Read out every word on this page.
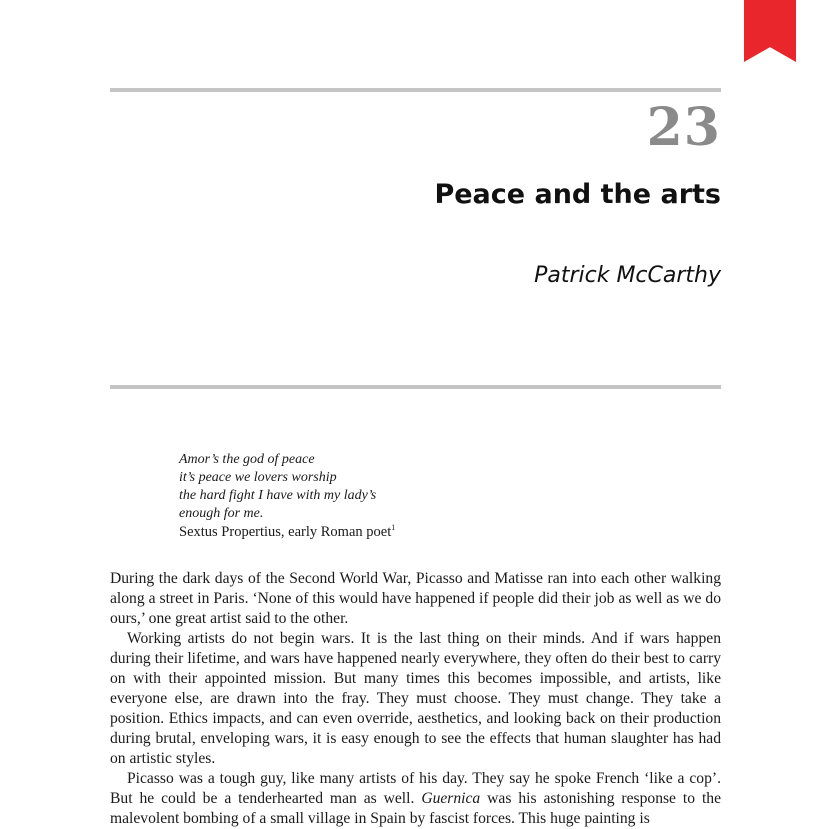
23
Peace and the arts
Patrick McCarthy
Amor’s the god of peace
it’s peace we lovers worship
the hard fight I have with my lady’s
enough for me.
Sextus Propertius, early Roman poet$^1$

During the dark days of the Second World War, Picasso and Matisse ran into each other walking along a street in Paris. ‘None of this would have happened if people did their job as well as we do ours,’ one great artist said to the other.

Working artists do not begin wars. It is the last thing on their minds. And if wars happen during their lifetime, and wars have happened nearly everywhere, they often do their best to carry on with their appointed mission. But many times this becomes impossible, and artists, like everyone else, are drawn into the fray. They must choose. They must change. They take a position. Ethics impacts, and can even override, aesthetics, and looking back on their production during brutal, enveloping wars, it is easy enough to see the effects that human slaughter has had on artistic styles.

Picasso was a tough guy, like many artists of his day. They say he spoke French ‘like a cop’. But he could be a tenderhearted man as well. Guernica was his astonishing response to the malevolent bombing of a small village in Spain by fascist forces. This huge painting is
